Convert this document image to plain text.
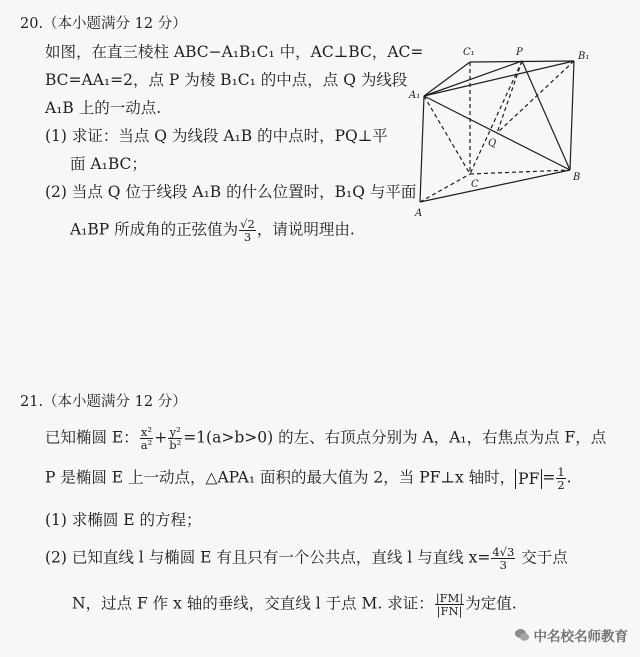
20.（本小题满分 12 分）
如图，在直三棱柱 ABC−A₁B₁C₁ 中，AC⊥BC，AC=
BC=AA₁=2，点 P 为棱 B₁C₁ 的中点，点 Q 为线段
A₁B 上的一动点.
(1) 求证：当点 Q 为线段 A₁B 的中点时，PQ⊥平
面 A₁BC；
(2) 当点 Q 位于线段 A₁B 的什么位置时，B₁Q 与平面
A₁BP 所成角的正弦值为 $\frac{√2}{3}$ ，请说明理由.
C₁	P	B₁
A₁
Q
C
B
A
21.（本小题满分 12 分）
已知椭圆 E： $\frac{\text{x²}}{\text{a²}} + \frac{\text{y²}}{\text{b²}} =1(a>b>0)$ 的左、右顶点分别为 A，A₁，右焦点为点 F，点
P 是椭圆 E 上一动点，△APA₁ 面积的最大值为 2，当 PF⊥x 轴时， PF = $\frac{1}{2}$ .
(1) 求椭圆 E 的方程；
(2) 已知直线 l 与椭圆 E 有且只有一个公共点，直线 l 与直线 $x= \frac{4√3}{3}$ 交于点
N，过点 F 作 x 轴的垂线，交直线 l 于点 M. 求证： $\frac{|FM|}{|FN|}$ 为定值.
中名校名师教育
